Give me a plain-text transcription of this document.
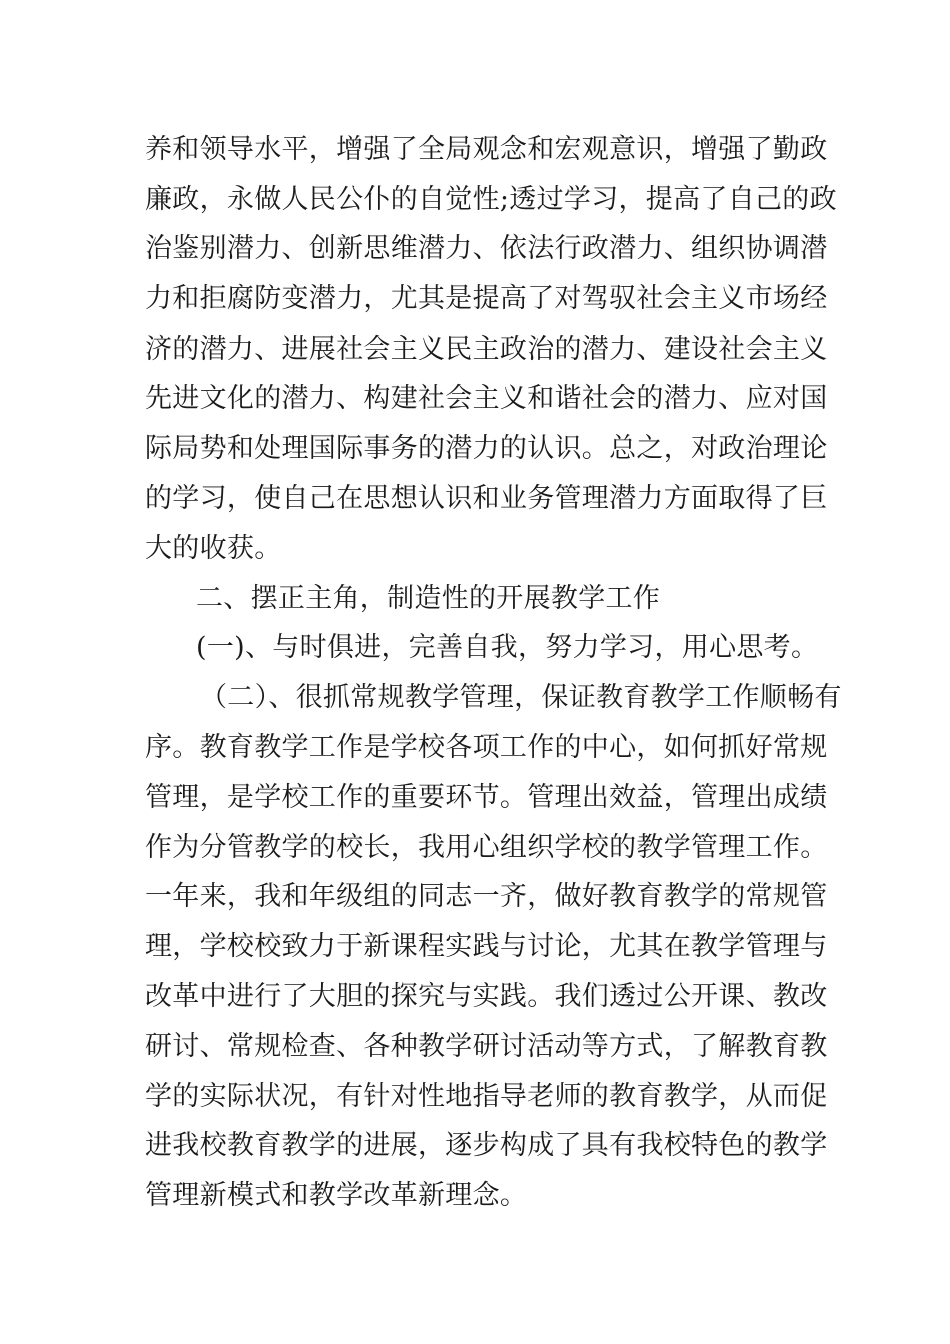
养和领导水平，增强了全局观念和宏观意识，增强了勤政
廉政，永做人民公仆的自觉性;透过学习，提高了自己的政
治鉴别潜力、创新思维潜力、依法行政潜力、组织协调潜
力和拒腐防变潜力，尤其是提高了对驾驭社会主义市场经
济的潜力、进展社会主义民主政治的潜力、建设社会主义
先进文化的潜力、构建社会主义和谐社会的潜力、应对国
际局势和处理国际事务的潜力的认识。总之，对政治理论
的学习，使自己在思想认识和业务管理潜力方面取得了巨
大的收获。
二、摆正主角，制造性的开展教学工作
(一)、与时俱进，完善自我，努力学习，用心思考。
（二）、很抓常规教学管理，保证教育教学工作顺畅有
序。教育教学工作是学校各项工作的中心，如何抓好常规
管理，是学校工作的重要环节。管理出效益，管理出成绩
作为分管教学的校长，我用心组织学校的教学管理工作。
一年来，我和年级组的同志一齐，做好教育教学的常规管
理，学校校致力于新课程实践与讨论，尤其在教学管理与
改革中进行了大胆的探究与实践。我们透过公开课、教改
研讨、常规检查、各种教学研讨活动等方式，了解教育教
学的实际状况，有针对性地指导老师的教育教学，从而促
进我校教育教学的进展，逐步构成了具有我校特色的教学
管理新模式和教学改革新理念。
